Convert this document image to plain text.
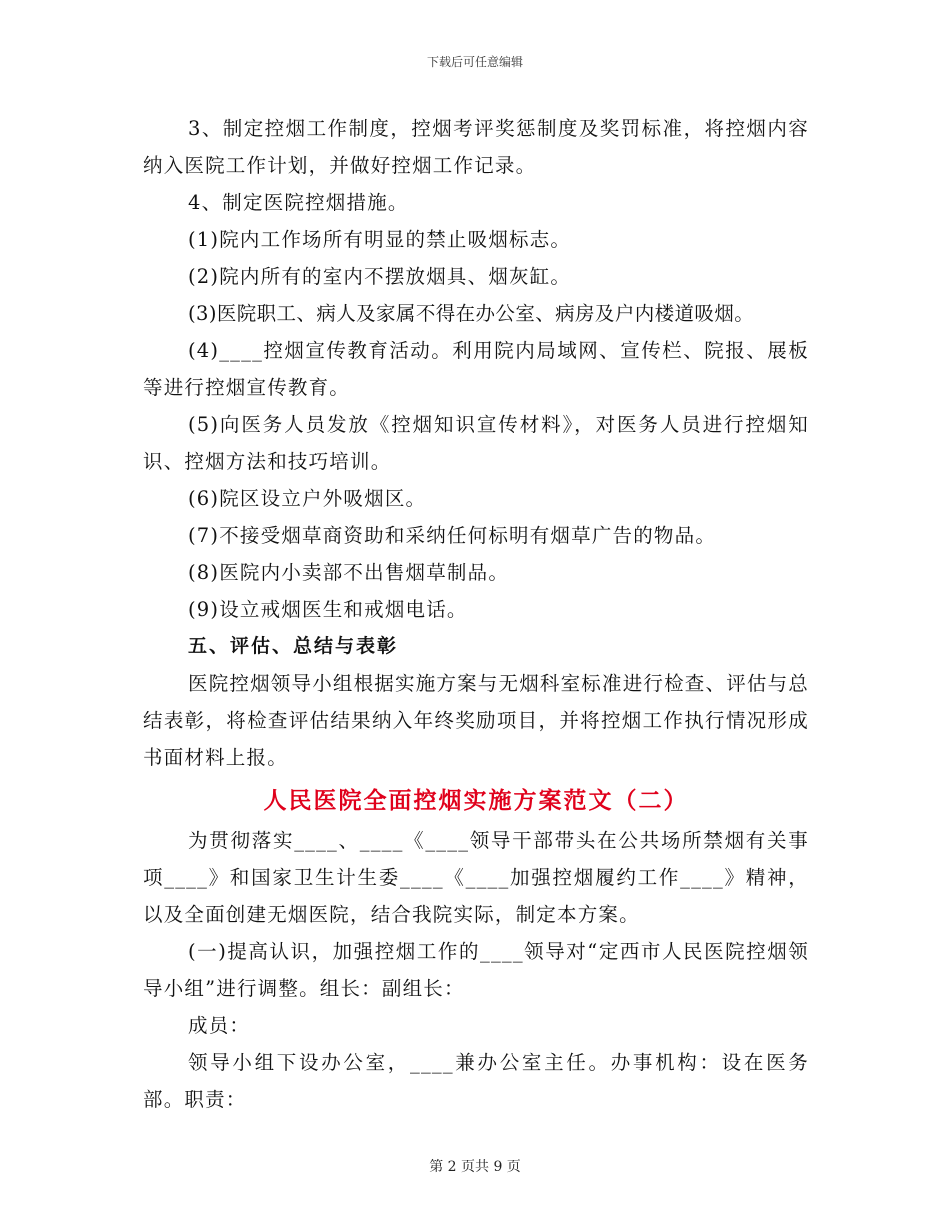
下载后可任意编辑

3、制定控烟工作制度，控烟考评奖惩制度及奖罚标准，将控烟内容纳入医院工作计划，并做好控烟工作记录。

4、制定医院控烟措施。

(1)院内工作场所有明显的禁止吸烟标志。

(2)院内所有的室内不摆放烟具、烟灰缸。

(3)医院职工、病人及家属不得在办公室、病房及户内楼道吸烟。

(4)____控烟宣传教育活动。利用院内局域网、宣传栏、院报、展板等进行控烟宣传教育。

(5)向医务人员发放《控烟知识宣传材料》，对医务人员进行控烟知识、控烟方法和技巧培训。

(6)院区设立户外吸烟区。

(7)不接受烟草商资助和采纳任何标明有烟草广告的物品。

(8)医院内小卖部不出售烟草制品。

(9)设立戒烟医生和戒烟电话。

五、评估、总结与表彰

医院控烟领导小组根据实施方案与无烟科室标准进行检查、评估与总结表彰，将检查评估结果纳入年终奖励项目，并将控烟工作执行情况形成书面材料上报。

人民医院全面控烟实施方案范文（二）

为贯彻落实____、____《____领导干部带头在公共场所禁烟有关事项____》和国家卫生计生委____《____加强控烟履约工作____》精神，以及全面创建无烟医院，结合我院实际，制定本方案。

(一)提高认识，加强控烟工作的____领导对“定西市人民医院控烟领导小组”进行调整。组长：副组长：

成员：

领导小组下设办公室，____兼办公室主任。办事机构：设在医务部。职责：

第 2 页共 9 页
